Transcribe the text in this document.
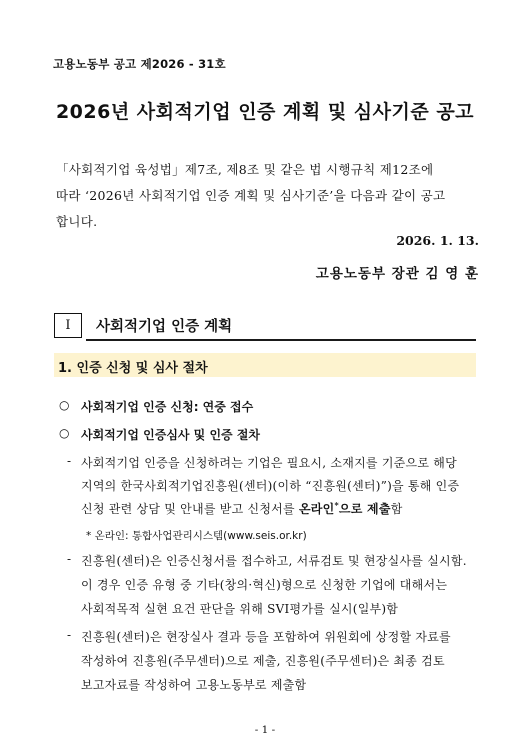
고용노동부 공고 제2026 - 31호
2026년 사회적기업 인증 계획 및 심사기준 공고
「사회적기업 육성법」제7조, 제8조 및 같은 법 시행규칙 제12조에
따라 ‘2026년 사회적기업 인증 계획 및 심사기준’을 다음과 같이 공고
합니다.
2026. 1. 13.
고용노동부 장관 김 영 훈
Ⅰ	사회적기업 인증 계획
1. 인증 신청 및 심사 절차
○ 사회적기업 인증 신청: 연중 접수
○ 사회적기업 인증심사 및 인증 절차
- 사회적기업 인증을 신청하려는 기업은 필요시, 소재지를 기준으로 해당
지역의 한국사회적기업진흥원(센터)(이하 “진흥원(센터)”)을 통해 인증
신청 관련 상담 및 안내를 받고 신청서를 온라인*으로 제출함
* 온라인: 통합사업관리시스템(www.seis.or.kr)
- 진흥원(센터)은 인증신청서를 접수하고, 서류검토 및 현장실사를 실시함.
이 경우 인증 유형 중 기타(창의·혁신)형으로 신청한 기업에 대해서는
사회적목적 실현 요건 판단을 위해 SVI평가를 실시(일부)함
- 진흥원(센터)은 현장실사 결과 등을 포함하여 위원회에 상정할 자료를
작성하여 진흥원(주무센터)으로 제출, 진흥원(주무센터)은 최종 검토
보고자료를 작성하여 고용노동부로 제출함
- 1 -
